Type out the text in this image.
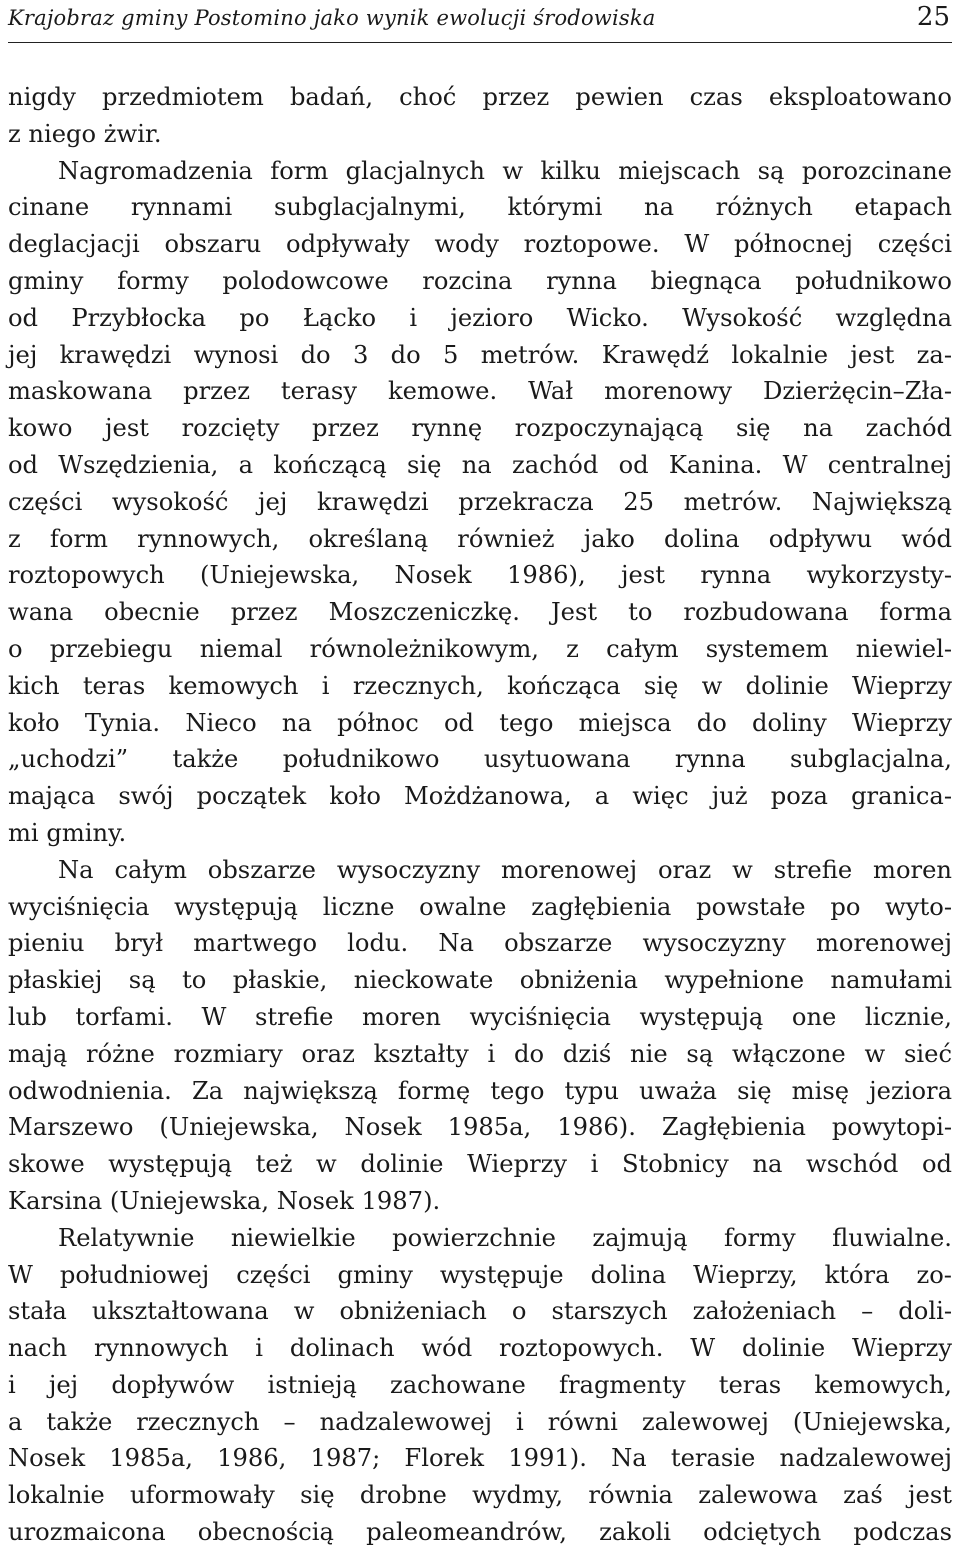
Krajobraz gminy Postomino jako wynik ewolucji środowiska	25
nigdy przedmiotem badań, choć przez pewien czas eksploatowano
z niego żwir.
Nagromadzenia form glacjalnych w kilku miejscach są porozcinane
cinane rynnami subglacjalnymi, którymi na różnych etapach
deglacjacji obszaru odpływały wody roztopowe. W północnej części
gminy formy polodowcowe rozcina rynna biegnąca południkowo
od Przybłocka po Łącko i jezioro Wicko. Wysokość względna
jej krawędzi wynosi do 3 do 5 metrów. Krawędź lokalnie jest za-
maskowana przez terasy kemowe. Wał morenowy Dzierżęcin–Zła-
kowo jest rozcięty przez rynnę rozpoczynającą się na zachód
od Wszędzienia, a kończącą się na zachód od Kanina. W centralnej
części wysokość jej krawędzi przekracza 25 metrów. Największą
z form rynnowych, określaną również jako dolina odpływu wód
roztopowych (Uniejewska, Nosek 1986), jest rynna wykorzysty-
wana obecnie przez Moszczeniczkę. Jest to rozbudowana forma
o przebiegu niemal równoleżnikowym, z całym systemem niewiel-
kich teras kemowych i rzecznych, kończąca się w dolinie Wieprzy
koło Tynia. Nieco na północ od tego miejsca do doliny Wieprzy
„uchodzi” także południkowo usytuowana rynna subglacjalna,
mająca swój początek koło Możdżanowa, a więc już poza granica-
mi gminy.
Na całym obszarze wysoczyzny morenowej oraz w strefie moren
wyciśnięcia występują liczne owalne zagłębienia powstałe po wyto-
pieniu brył martwego lodu. Na obszarze wysoczyzny morenowej
płaskiej są to płaskie, nieckowate obniżenia wypełnione namułami
lub torfami. W strefie moren wyciśnięcia występują one licznie,
mają różne rozmiary oraz kształty i do dziś nie są włączone w sieć
odwodnienia. Za największą formę tego typu uważa się misę jeziora
Marszewo (Uniejewska, Nosek 1985a, 1986). Zagłębienia powytopi-
skowe występują też w dolinie Wieprzy i Stobnicy na wschód od
Karsina (Uniejewska, Nosek 1987).
Relatywnie niewielkie powierzchnie zajmują formy fluwialne.
W południowej części gminy występuje dolina Wieprzy, która zo-
stała ukształtowana w obniżeniach o starszych założeniach – doli-
nach rynnowych i dolinach wód roztopowych. W dolinie Wieprzy
i jej dopływów istnieją zachowane fragmenty teras kemowych,
a także rzecznych – nadzalewowej i równi zalewowej (Uniejewska,
Nosek 1985a, 1986, 1987; Florek 1991). Na terasie nadzalewowej
lokalnie uformowały się drobne wydmy, równia zalewowa zaś jest
urozmaicona obecnością paleomeandrów, zakoli odciętych podczas
